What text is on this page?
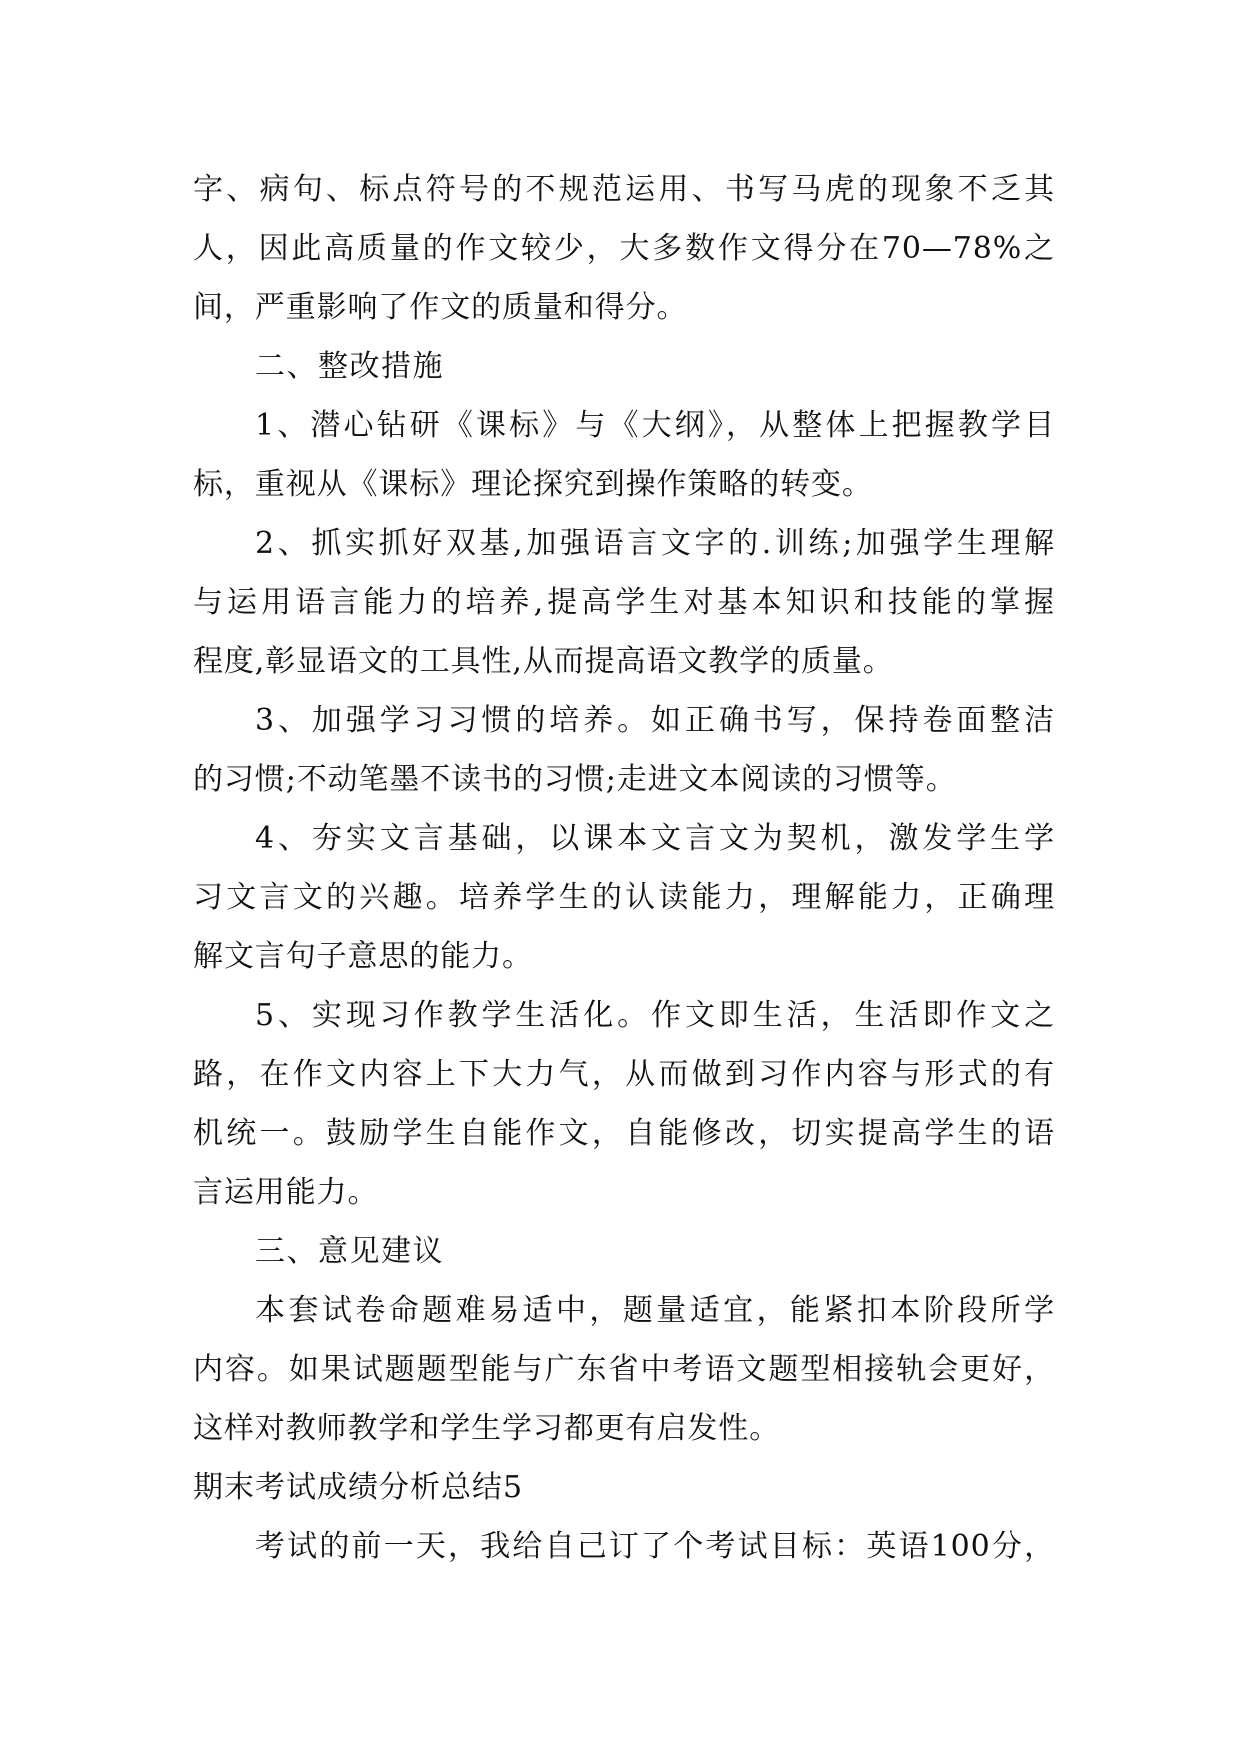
字、病句、标点符号的不规范运用、书写马虎的现象不乏其
人，因此高质量的作文较少，大多数作文得分在70—78%之
间，严重影响了作文的质量和得分。
二、整改措施
1、潜心钻研《课标》与《大纲》，从整体上把握教学目
标，重视从《课标》理论探究到操作策略的转变。
2、抓实抓好双基,加强语言文字的.训练;加强学生理解
与运用语言能力的培养,提高学生对基本知识和技能的掌握
程度,彰显语文的工具性,从而提高语文教学的质量。
3、加强学习习惯的培养。如正确书写，保持卷面整洁
的习惯;不动笔墨不读书的习惯;走进文本阅读的习惯等。
4、夯实文言基础，以课本文言文为契机，激发学生学
习文言文的兴趣。培养学生的认读能力，理解能力，正确理
解文言句子意思的能力。
5、实现习作教学生活化。作文即生活，生活即作文之
路，在作文内容上下大力气，从而做到习作内容与形式的有
机统一。鼓励学生自能作文，自能修改，切实提高学生的语
言运用能力。
三、意见建议
本套试卷命题难易适中，题量适宜，能紧扣本阶段所学
内容。如果试题题型能与广东省中考语文题型相接轨会更好，
这样对教师教学和学生学习都更有启发性。
期末考试成绩分析总结5
考试的前一天，我给自己订了个考试目标：英语100分，
